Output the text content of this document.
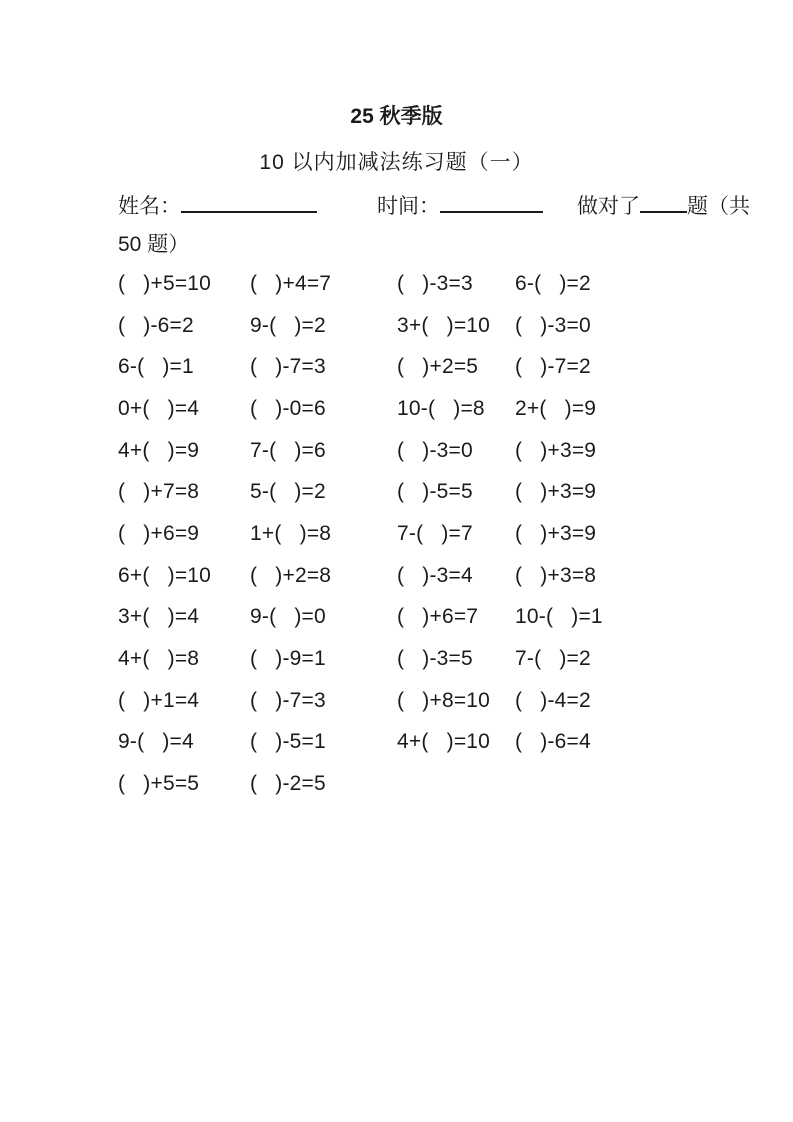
25 秋季版
10 以内加减法练习题（一）
姓名：	时间：	做对了 题（共
50 题）
(   )+5=10	(   )+4=7	(   )-3=3	6-(   )=2
(   )-6=2	9-(   )=2	3+(   )=10	(   )-3=0
6-(   )=1	(   )-7=3	(   )+2=5	(   )-7=2
0+(   )=4	(   )-0=6	10-(   )=8	2+(   )=9
4+(   )=9	7-(   )=6	(   )-3=0	(   )+3=9
(   )+7=8	5-(   )=2	(   )-5=5	(   )+3=9
(   )+6=9	1+(   )=8	7-(   )=7	(   )+3=9
6+(   )=10	(   )+2=8	(   )-3=4	(   )+3=8
3+(   )=4	9-(   )=0	(   )+6=7	10-(   )=1
4+(   )=8	(   )-9=1	(   )-3=5	7-(   )=2
(   )+1=4	(   )-7=3	(   )+8=10	(   )-4=2
9-(   )=4	(   )-5=1	4+(   )=10	(   )-6=4
(   )+5=5	(   )-2=5
